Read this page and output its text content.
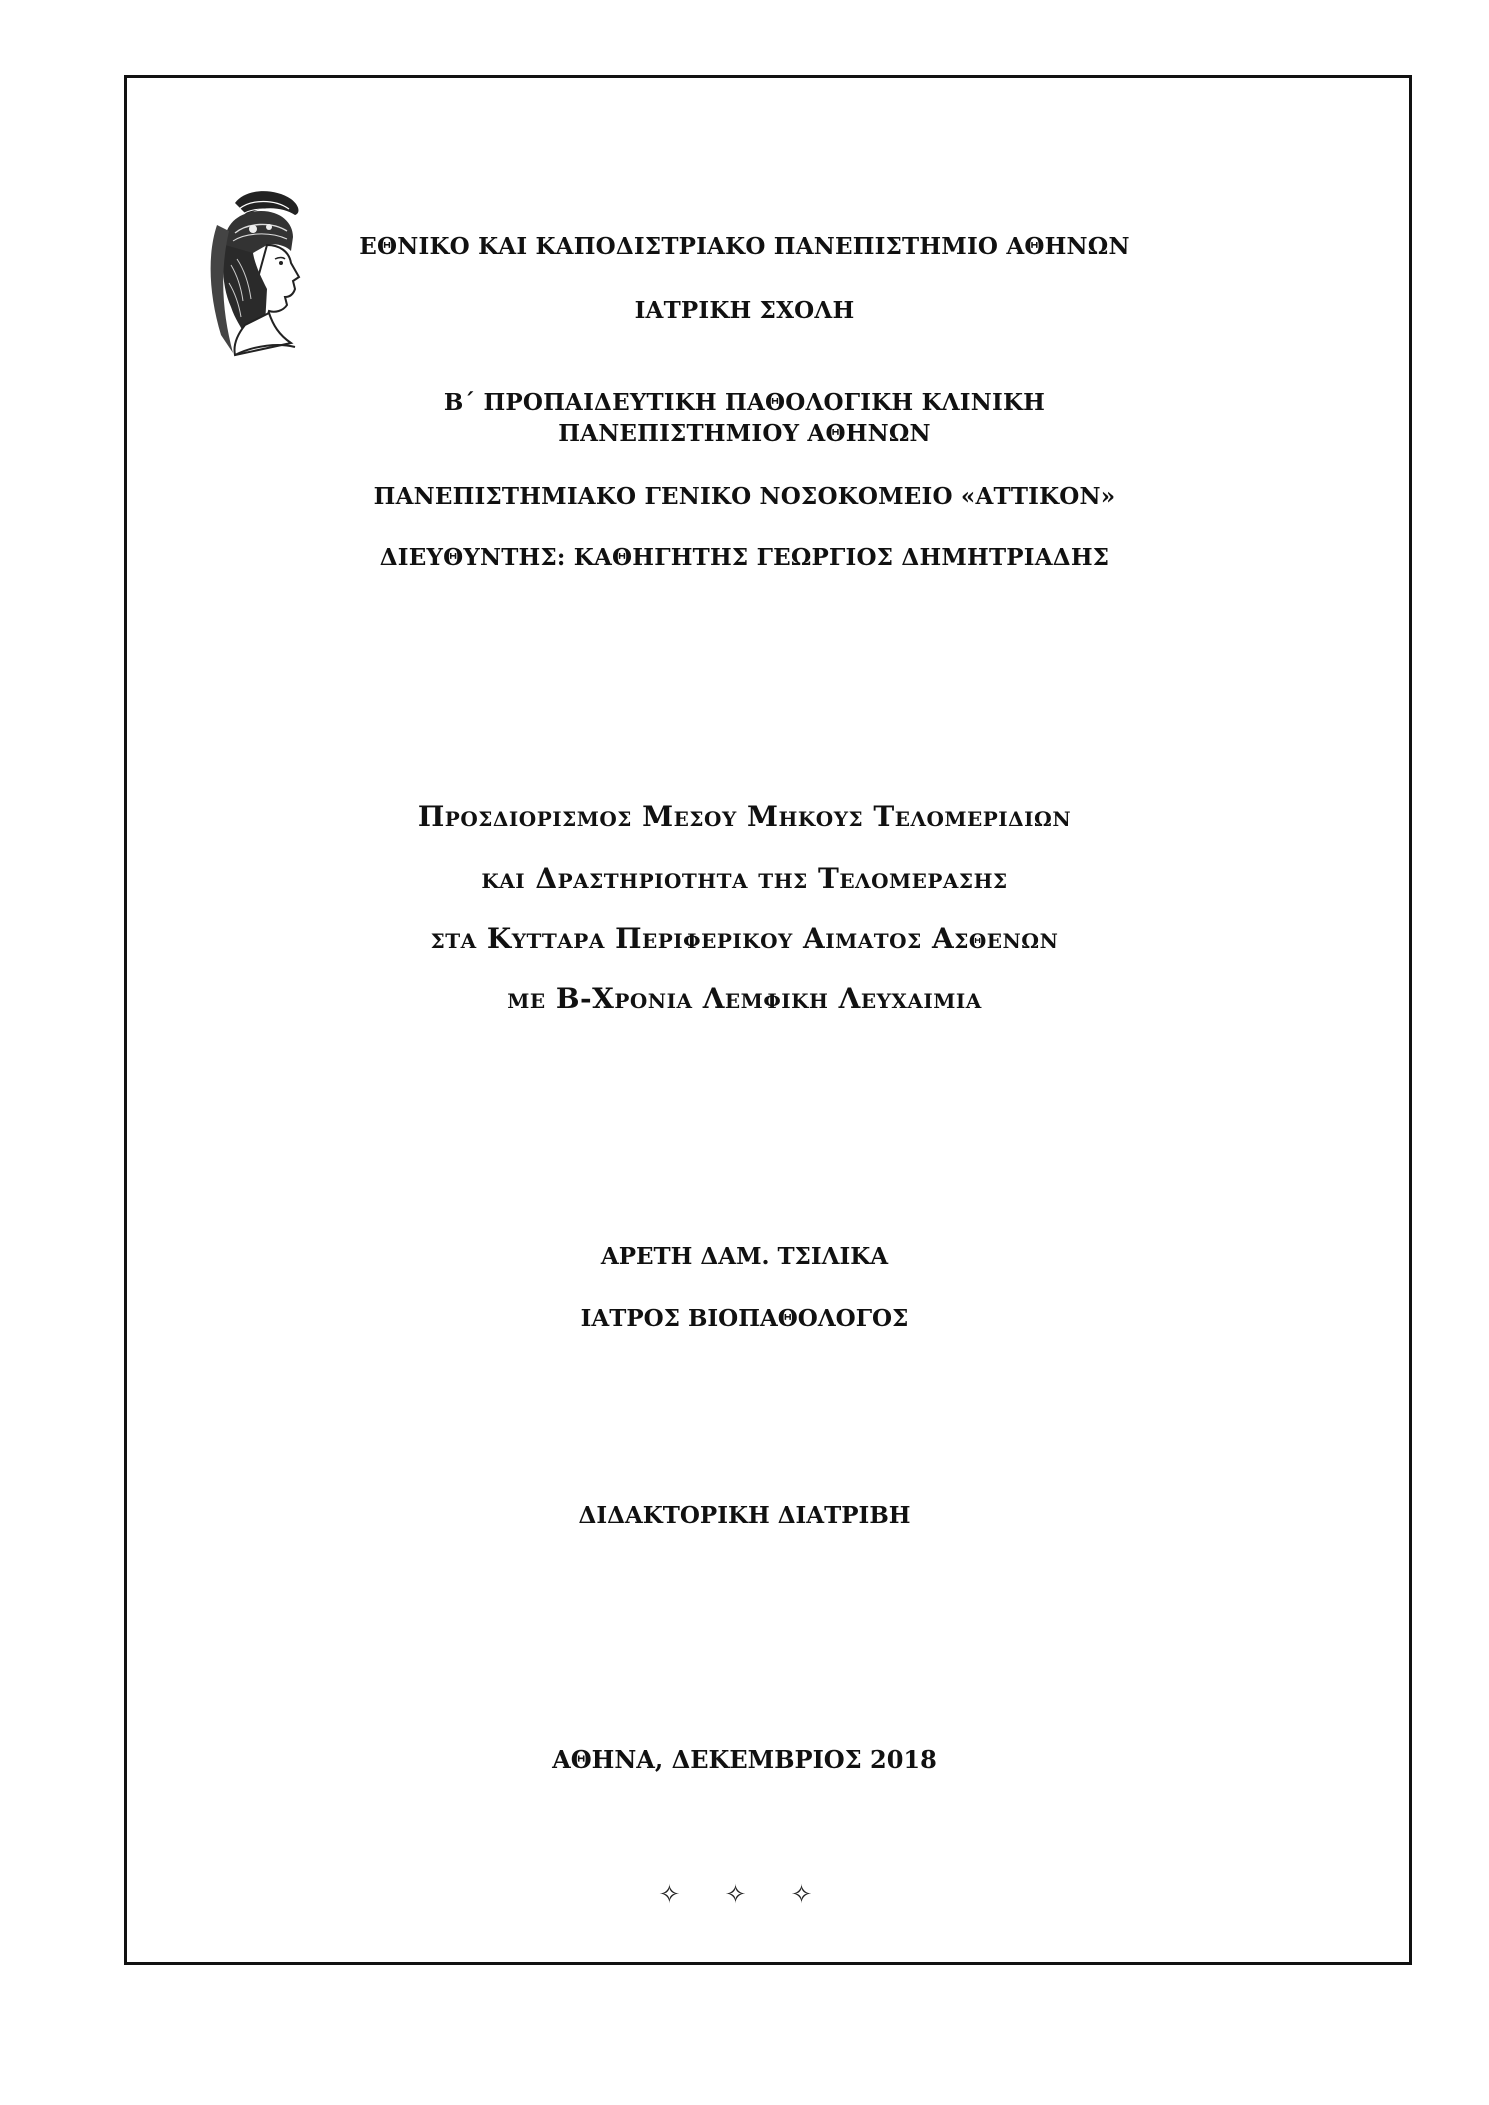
ΕΘΝΙΚΟ ΚΑΙ ΚΑΠΟΔΙΣΤΡΙΑΚΟ ΠΑΝΕΠΙΣΤΗΜΙΟ ΑΘΗΝΩΝ
ΙΑΤΡΙΚΗ ΣΧΟΛΗ
Β΄ ΠΡΟΠΑΙΔΕΥΤΙΚΗ ΠΑΘΟΛΟΓΙΚΗ ΚΛΙΝΙΚΗ
ΠΑΝΕΠΙΣΤΗΜΙΟΥ ΑΘΗΝΩΝ
ΠΑΝΕΠΙΣΤΗΜΙΑΚΟ ΓΕΝΙΚΟ ΝΟΣΟΚΟΜΕΙΟ «ΑΤΤΙΚΟΝ»
ΔΙΕΥΘΥΝΤΗΣ: ΚΑΘΗΓΗΤΗΣ ΓΕΩΡΓΙΟΣ ΔΗΜΗΤΡΙΑΔΗΣ
Προσδιορισμος Μεσου Μηκους Τελομεριδιων
και Δραστηριοτητα της Τελομερασης
στα Κυτταρα Περιφερικου Αιματος Ασθενων
με Β-Χρονια Λεμφικη Λευχαιμια
ΑΡΕΤΗ ΔΑΜ. ΤΣΙΛΙΚΑ
ΙΑΤΡΟΣ ΒΙΟΠΑΘΟΛΟΓΟΣ
ΔΙΔΑΚΤΟΡΙΚΗ ΔΙΑΤΡΙΒΗ
ΑΘΗΝΑ, ΔΕΚΕΜΒΡΙΟΣ 2018
✧ ✧ ✧
